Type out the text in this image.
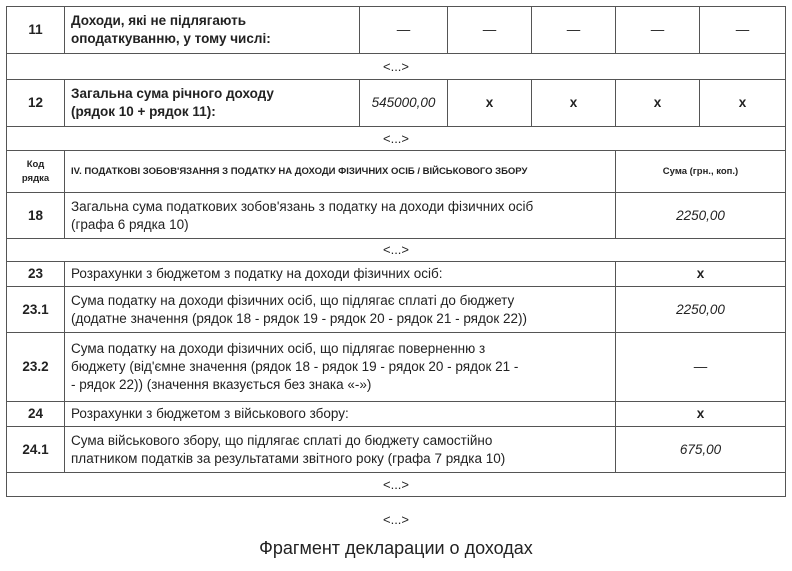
11	Доходи, які не підлягають
оподаткуванню, у тому числі:	—	—	—	—	—
<...>						
12	Загальна сума річного доходу
(рядок 10 + рядок 11):	545000,00	x	x	x	x
<...>						

Код
рядка	IV. ПОДАТКОВІ ЗОБОВ'ЯЗАННЯ З ПОДАТКУ НА ДОХОДИ ФІЗИЧНИХ ОСІБ / ВІЙСЬКОВОГО ЗБОРУ				Сума (грн., коп.)	
18	Загальна сума податкових зобов'язань з податку на доходи фізичних осіб
(графа 6 рядка 10)				2250,00	
<...>						
23	Розрахунки з бюджетом з податку на доходи фізичних осіб:				x	
23.1	Сума податку на доходи фізичних осіб, що підлягає сплаті до бюджету
(додатне значення (рядок 18 - рядок 19 - рядок 20 - рядок 21 - рядок 22))				2250,00	
23.2	Сума податку на доходи фізичних осіб, що підлягає поверненню з
бюджету (від'ємне значення (рядок 18 - рядок 19 - рядок 20 - рядок 21 -
- рядок 22)) (значення вказується без знака «-»)				—	
24	Розрахунки з бюджетом з військового збору:				x	
24.1	Сума військового збору, що підлягає сплаті до бюджету самостійно
платником податків за результатами звітного року (графа 7 рядка 10)				675,00	
<...>						
<...>
Фрагмент декларации о доходах
